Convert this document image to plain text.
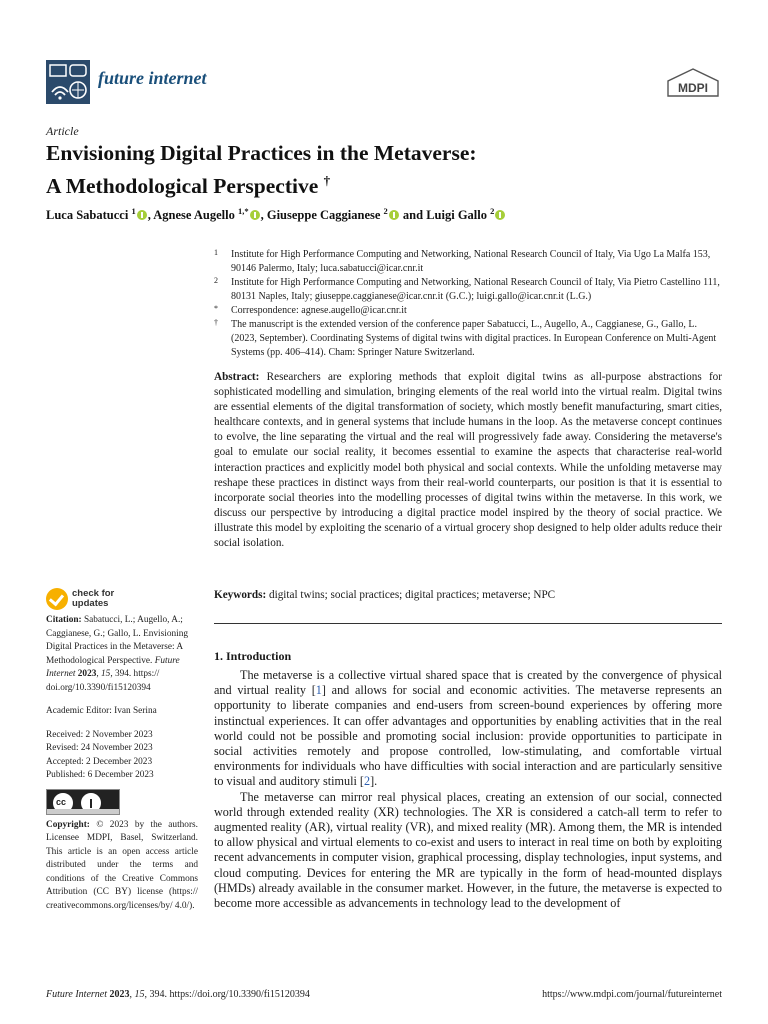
future internet	MDPI
Article
Envisioning Digital Practices in the Metaverse:
A Methodological Perspective †
Luca Sabatucci $^1$ , Agnese Augello $^{1,*}$ , Giuseppe Caggianese $^2$ and Luigi Gallo $^2$
1 Institute for High Performance Computing and Networking, National Research Council of Italy, Via Ugo La Malfa 153, 90146 Palermo, Italy; luca.sabatucci@icar.cnr.it
2 Institute for High Performance Computing and Networking, National Research Council of Italy, Via Pietro Castellino 111, 80131 Naples, Italy; giuseppe.caggianese@icar.cnr.it (G.C.); luigi.gallo@icar.cnr.it (L.G.)
* Correspondence: agnese.augello@icar.cnr.it
† The manuscript is the extended version of the conference paper Sabatucci, L., Augello, A., Caggianese, G., Gallo, L. (2023, September). Coordinating Systems of digital twins with digital practices. In European Conference on Multi-Agent Systems (pp. 406–414). Cham: Springer Nature Switzerland.
Abstract: Researchers are exploring methods that exploit digital twins as all-purpose abstractions for sophisticated modelling and simulation, bringing elements of the real world into the virtual realm. Digital twins are essential elements of the digital transformation of society, which mostly benefit manufacturing, smart cities, healthcare contexts, and in general systems that include humans in the loop. As the metaverse concept continues to evolve, the line separating the virtual and the real will progressively fade away. Considering the metaverse's goal to emulate our social reality, it becomes essential to examine the aspects that characterise real-world interaction practices and explicitly model both physical and social contexts. While the unfolding metaverse may reshape these practices in distinct ways from their real-world counterparts, our position is that it is essential to incorporate social theories into the modelling processes of digital twins within the metaverse. In this work, we discuss our perspective by introducing a digital practice model inspired by the theory of social practice. We illustrate this model by exploiting the scenario of a virtual grocery shop designed to help older adults reduce their social isolation.
Keywords: digital twins; social practices; digital practices; metaverse; NPC
1. Introduction

The metaverse is a collective virtual shared space that is created by the convergence of physical and virtual reality [1] and allows for social and economic activities. The metaverse represents an opportunity to liberate companies and end-users from screen-bound experiences by offering more instinctual experiences. It can offer advantages and opportunities by enabling activities that in the real world could not be possible and promoting social inclusion: provide opportunities to participate in social activities remotely and propose controlled, low-stimulating, and comfortable virtual environments for individuals who have difficulties with social interaction and are particularly sensitive to visual and auditory stimuli [2].

The metaverse can mirror real physical places, creating an extension of our social, connected world through extended reality (XR) technologies. The XR is considered a catch-all term to refer to augmented reality (AR), virtual reality (VR), and mixed reality (MR). Among them, the MR is intended to allow physical and virtual elements to co-exist and users to interact in real time on both by exploiting recent advancements in computer vision, graphical processing, display technologies, input systems, and cloud computing. Devices for entering the MR are typically in the form of head-mounted displays (HMDs) already available in the consumer market. However, in the future, the metaverse is expected to become more accessible as advancements in technology lead to the development of

check for
updates

Citation: Sabatucci, L.; Augello, A.; Caggianese, G.; Gallo, L. Envisioning Digital Practices in the Metaverse: A Methodological Perspective. Future Internet 2023, 15, 394. https:// doi.org/10.3390/fi15120394

Academic Editor: Ivan Serina

Received: 2 November 2023

Revised: 24 November 2023

Accepted: 2 December 2023

Published: 6 December 2023

cc

Copyright: © 2023 by the authors. Licensee MDPI, Basel, Switzerland. This article is an open access article distributed under the terms and conditions of the Creative Commons Attribution (CC BY) license (https:// creativecommons.org/licenses/by/ 4.0/).

Future Internet 2023, 15, 394. https://doi.org/10.3390/fi15120394	https://www.mdpi.com/journal/futureinternet
